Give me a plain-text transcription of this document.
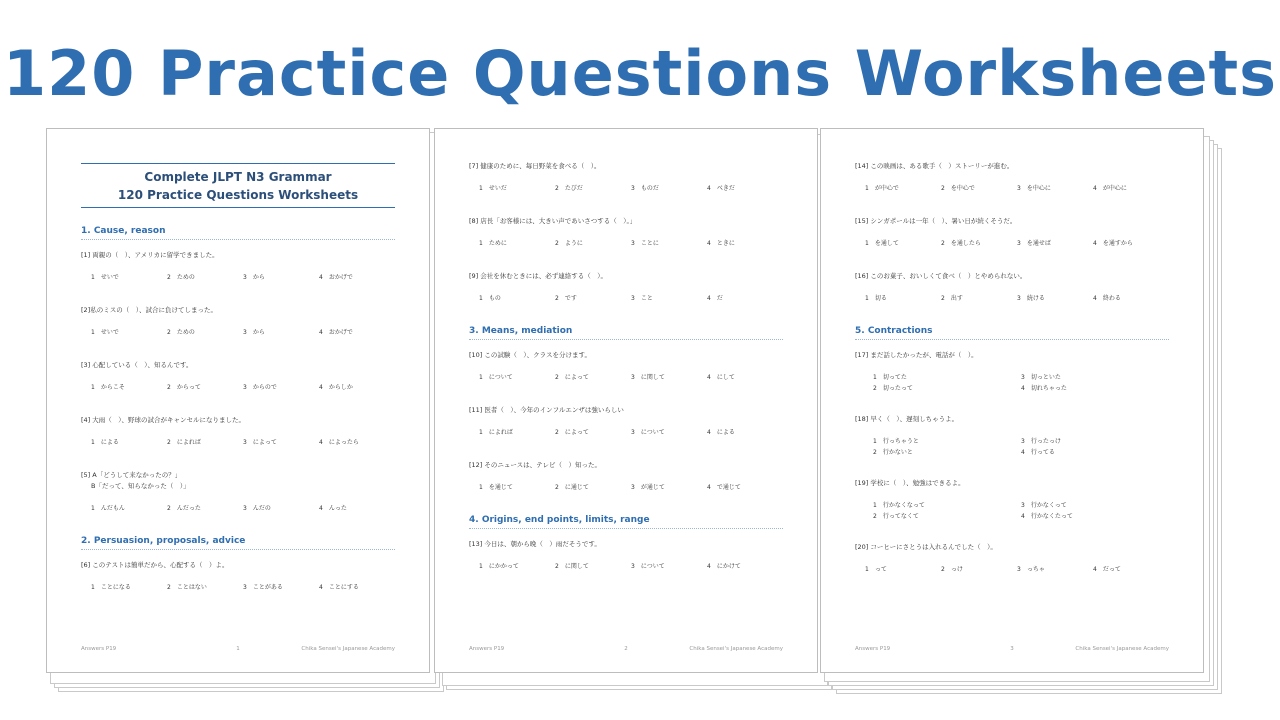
120 Practice Questions Worksheets
Complete JLPT N3 Grammar
120 Practice Questions Worksheets
1. Cause, reason
[1] 両親の（　）、アメリカに留学できました。
1　せいで	2　ための	3　から	4　おかげで
[2]私のミスの（　）、試合に負けてしまった。
1　せいで	2　ための	3　から	4　おかげで
[3] 心配している（　）、知るんです。
1　からこそ	2　からって	3　からので	4　からしか
[4] 大雨（　）、野球の試合がキャンセルになりました。
1　による	2　によれば	3　によって	4　によったら
[5] A「どうして来なかったの？」
B「だって、知らなかった（　）」
1　んだもん	2　んだった	3　んだの	4　んった
2. Persuasion, proposals, advice
[6] このテストは簡単だから、心配する（　）よ。
1　ことになる	2　ことはない	3　ことがある	4　ことにする
Answers P19	1	Chika Sensei's Japanese Academy
[7] 健康のために、毎日野菜を食べる（　）。
1　せいだ	2　たびだ	3　ものだ	4　べきだ
[8] 店長「お客様には、大きい声であいさつする（　）。」
1　ために	2　ように	3　ことに	4　ときに
[9] 会社を休むときには、必ず連絡する（　）。
1　もの	2　です	3　こと	4　だ
3. Means, mediation
[10] この試験（　）、クラスを分けます。
1　について	2　によって	3　に関して	4　にして
[11] 医者（　）、今年のインフルエンザは強いらしい
1　によれば	2　によって	3　について	4　による
[12] そのニュースは、テレビ（　）知った。
1　を通じて	2　に通じて	3　が通じて	4　で通じて
4. Origins, end points, limits, range
[13] 今日は、朝から晩（　）雨だそうです。
1　にかかって	2　に関して	3　について	4　にかけて
Answers P19	2	Chika Sensei's Japanese Academy
[14] この映画は、ある歌手（　）ストーリーが進む。
1　が中心で	2　を中心で	3　を中心に	4　が中心に
[15] シンガポールは一年（　）、暑い日が続くそうだ。
1　を通して	2　を通したら	3　を通せば	4　を通すから
[16] このお菓子、おいしくて食べ（　）とやめられない。
1　切る	2　出す	3　続ける	4　終わる
5. Contractions
[17] まだ話したかったが、電話が（　）。
1　切ってた	3　切っといた
2　切ったって	4　切れちゃった
[18] 早く（　）、遅刻しちゃうよ。
1　行っちゃうと	3　行ったっけ
2　行かないと	4　行ってる
[19] 学校に（　）、勉強はできるよ。
1　行かなくなって	3　行かなくって
2　行ってなくて	4　行かなくたって
[20] コーヒーにさとうは入れるんでした（　）。
1　って	2　っけ	3　っちゃ	4　だって
Answers P19	3	Chika Sensei's Japanese Academy
